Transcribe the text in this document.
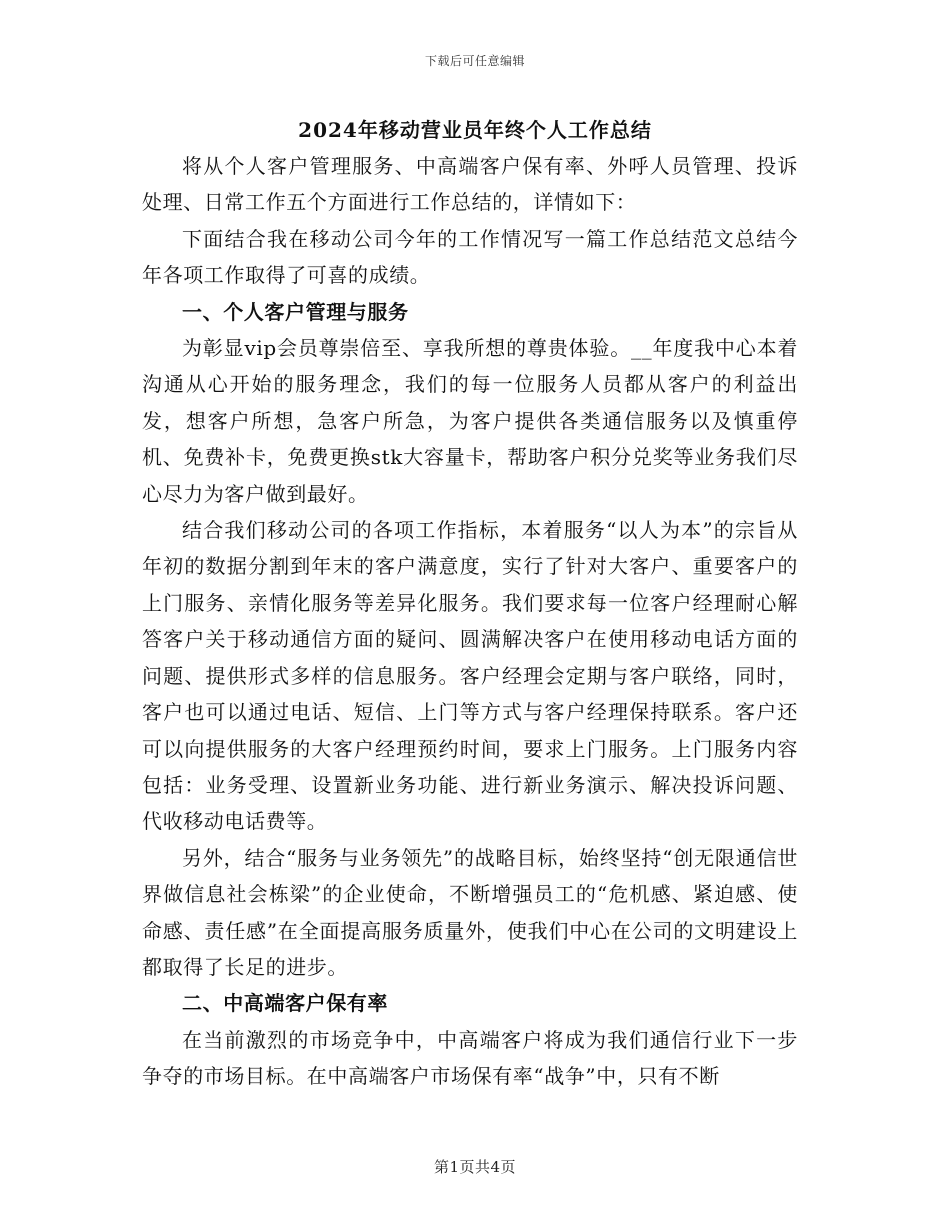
下载后可任意编辑
2024年移动营业员年终个人工作总结

将从个人客户管理服务、中高端客户保有率、外呼人员管理、投诉处理、日常工作五个方面进行工作总结的，详情如下：

下面结合我在移动公司今年的工作情况写一篇工作总结范文总结今年各项工作取得了可喜的成绩。

一、个人客户管理与服务

为彰显vip会员尊崇倍至、享我所想的尊贵体验。__年度我中心本着沟通从心开始的服务理念，我们的每一位服务人员都从客户的利益出发，想客户所想，急客户所急，为客户提供各类通信服务以及慎重停机、免费补卡，免费更换stk大容量卡，帮助客户积分兑奖等业务我们尽心尽力为客户做到最好。

结合我们移动公司的各项工作指标，本着服务“以人为本”的宗旨从年初的数据分割到年末的客户满意度，实行了针对大客户、重要客户的上门服务、亲情化服务等差异化服务。我们要求每一位客户经理耐心解答客户关于移动通信方面的疑问、圆满解决客户在使用移动电话方面的问题、提供形式多样的信息服务。客户经理会定期与客户联络，同时，客户也可以通过电话、短信、上门等方式与客户经理保持联系。客户还可以向提供服务的大客户经理预约时间，要求上门服务。上门服务内容包括：业务受理、设置新业务功能、进行新业务演示、解决投诉问题、代收移动电话费等。

另外，结合“服务与业务领先”的战略目标，始终坚持“创无限通信世界做信息社会栋梁”的企业使命，不断增强员工的“危机感、紧迫感、使命感、责任感”在全面提高服务质量外，使我们中心在公司的文明建设上都取得了长足的进步。

二、中高端客户保有率

在当前激烈的市场竞争中，中高端客户将成为我们通信行业下一步争夺的市场目标。在中高端客户市场保有率“战争”中，只有不断

第1页共4页
